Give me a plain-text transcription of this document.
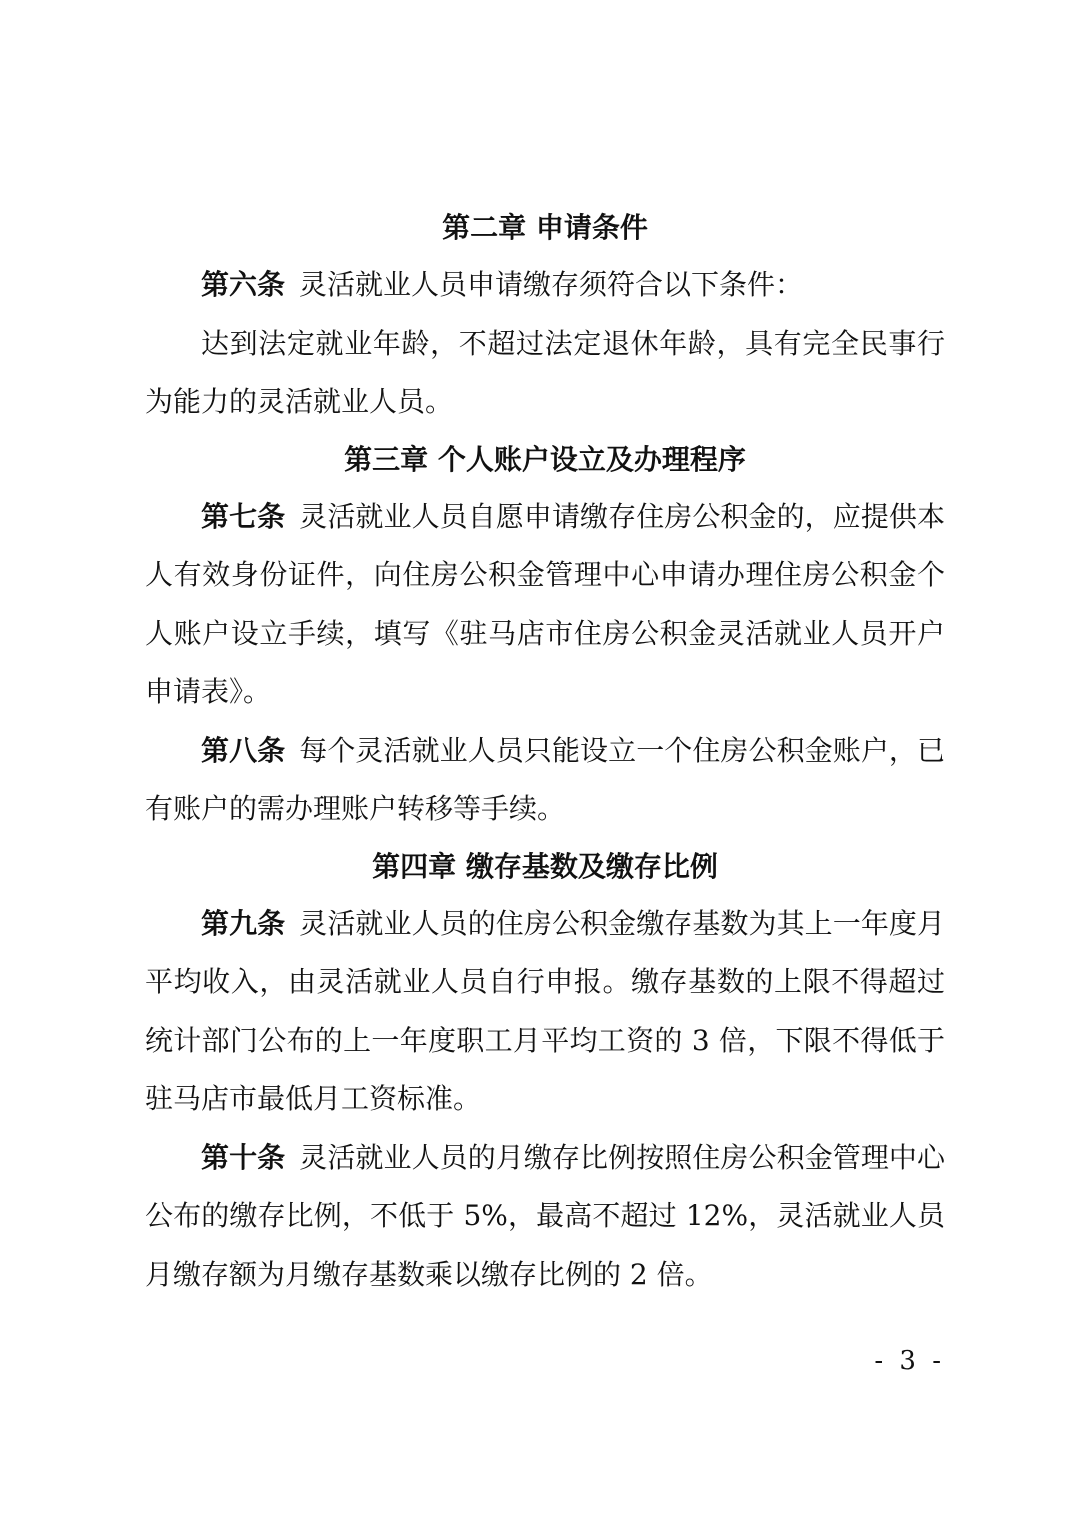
第二章 申请条件

第六条 灵活就业人员申请缴存须符合以下条件：

达到法定就业年龄，不超过法定退休年龄，具有完全民事行为能力的灵活就业人员。

第三章 个人账户设立及办理程序

第七条 灵活就业人员自愿申请缴存住房公积金的，应提供本人有效身份证件，向住房公积金管理中心申请办理住房公积金个人账户设立手续，填写《驻马店市住房公积金灵活就业人员开户申请表》。

第八条 每个灵活就业人员只能设立一个住房公积金账户，已有账户的需办理账户转移等手续。

第四章 缴存基数及缴存比例

第九条 灵活就业人员的住房公积金缴存基数为其上一年度月平均收入，由灵活就业人员自行申报。缴存基数的上限不得超过统计部门公布的上一年度职工月平均工资的 3 倍，下限不得低于驻马店市最低月工资标准。

第十条 灵活就业人员的月缴存比例按照住房公积金管理中心公布的缴存比例，不低于 5%，最高不超过 12%，灵活就业人员月缴存额为月缴存基数乘以缴存比例的 2 倍。

- 3 -
